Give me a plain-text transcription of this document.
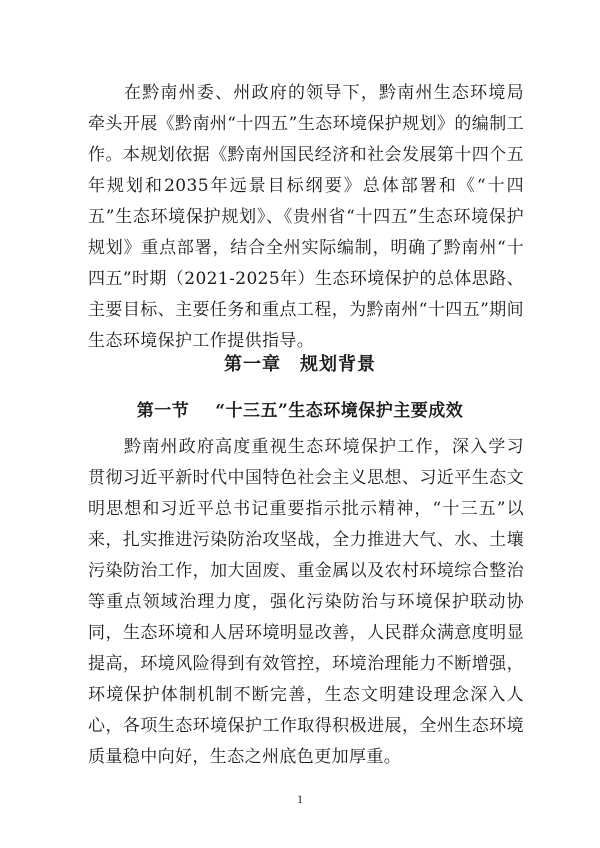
在黔南州委、州政府的领导下，黔南州生态环境局牵头开展《黔南州“十四五”生态环境保护规划》的编制工作。本规划依据《黔南州国民经济和社会发展第十四个五年规划和2035年远景目标纲要》总体部署和《“十四五”生态环境保护规划》、《贵州省“十四五”生态环境保护规划》重点部署，结合全州实际编制，明确了黔南州“十四五”时期（2021-2025年）生态环境保护的总体思路、主要目标、主要任务和重点工程，为黔南州“十四五”期间生态环境保护工作提供指导。

第一章　规划背景
第一节 “十三五”生态环境保护主要成效

黔南州政府高度重视生态环境保护工作，深入学习贯彻习近平新时代中国特色社会主义思想、习近平生态文明思想和习近平总书记重要指示批示精神，“十三五”以来，扎实推进污染防治攻坚战，全力推进大气、水、土壤污染防治工作，加大固废、重金属以及农村环境综合整治等重点领域治理力度，强化污染防治与环境保护联动协同，生态环境和人居环境明显改善，人民群众满意度明显提高，环境风险得到有效管控，环境治理能力不断增强，环境保护体制机制不断完善，生态文明建设理念深入人心，各项生态环境保护工作取得积极进展，全州生态环境质量稳中向好，生态之州底色更加厚重。

1
